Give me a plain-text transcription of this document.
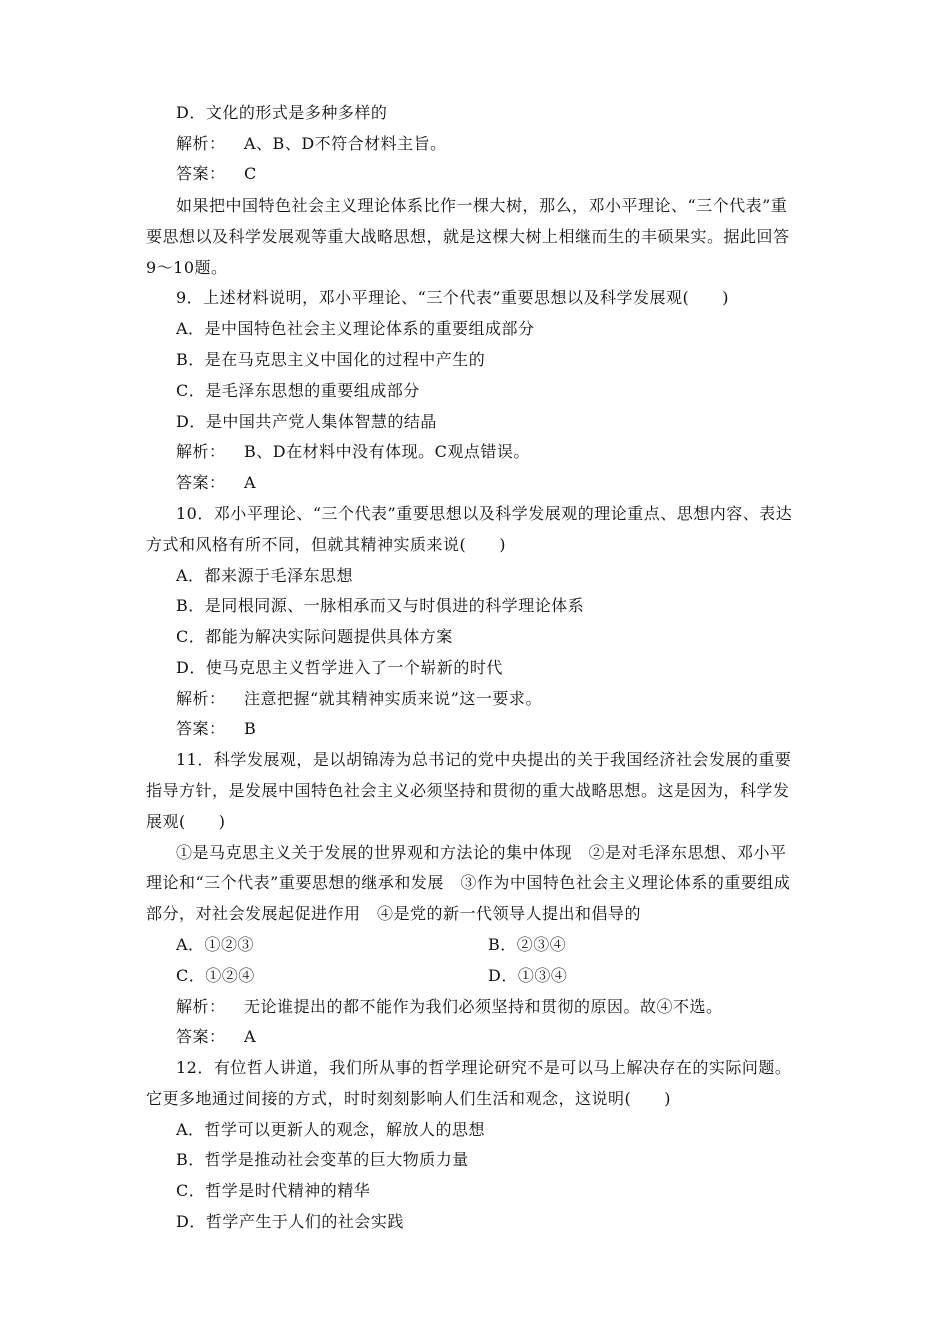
D．文化的形式是多种多样的
解析： A、B、D不符合材料主旨。
答案： C
如果把中国特色社会主义理论体系比作一棵大树，那么，邓小平理论、“三个代表”重
要思想以及科学发展观等重大战略思想，就是这棵大树上相继而生的丰硕果实。据此回答
9～10题。
9．上述材料说明，邓小平理论、“三个代表”重要思想以及科学发展观(　　)
A．是中国特色社会主义理论体系的重要组成部分
B．是在马克思主义中国化的过程中产生的
C．是毛泽东思想的重要组成部分
D．是中国共产党人集体智慧的结晶
解析： B、D在材料中没有体现。C观点错误。
答案： A
10．邓小平理论、“三个代表”重要思想以及科学发展观的理论重点、思想内容、表达
方式和风格有所不同，但就其精神实质来说(　　)
A．都来源于毛泽东思想
B．是同根同源、一脉相承而又与时俱进的科学理论体系
C．都能为解决实际问题提供具体方案
D．使马克思主义哲学进入了一个崭新的时代
解析： 注意把握“就其精神实质来说”这一要求。
答案： B
11．科学发展观，是以胡锦涛为总书记的党中央提出的关于我国经济社会发展的重要
指导方针，是发展中国特色社会主义必须坚持和贯彻的重大战略思想。这是因为，科学发
展观(　　)
①是马克思主义关于发展的世界观和方法论的集中体现　②是对毛泽东思想、邓小平
理论和“三个代表”重要思想的继承和发展　③作为中国特色社会主义理论体系的重要组成
部分，对社会发展起促进作用　④是党的新一代领导人提出和倡导的
A．①②③	B．②③④
C．①②④	D．①③④
解析： 无论谁提出的都不能作为我们必须坚持和贯彻的原因。故④不选。
答案： A
12．有位哲人讲道，我们所从事的哲学理论研究不是可以马上解决存在的实际问题。
它更多地通过间接的方式，时时刻刻影响人们生活和观念，这说明(　　)
A．哲学可以更新人的观念，解放人的思想
B．哲学是推动社会变革的巨大物质力量
C．哲学是时代精神的精华
D．哲学产生于人们的社会实践
